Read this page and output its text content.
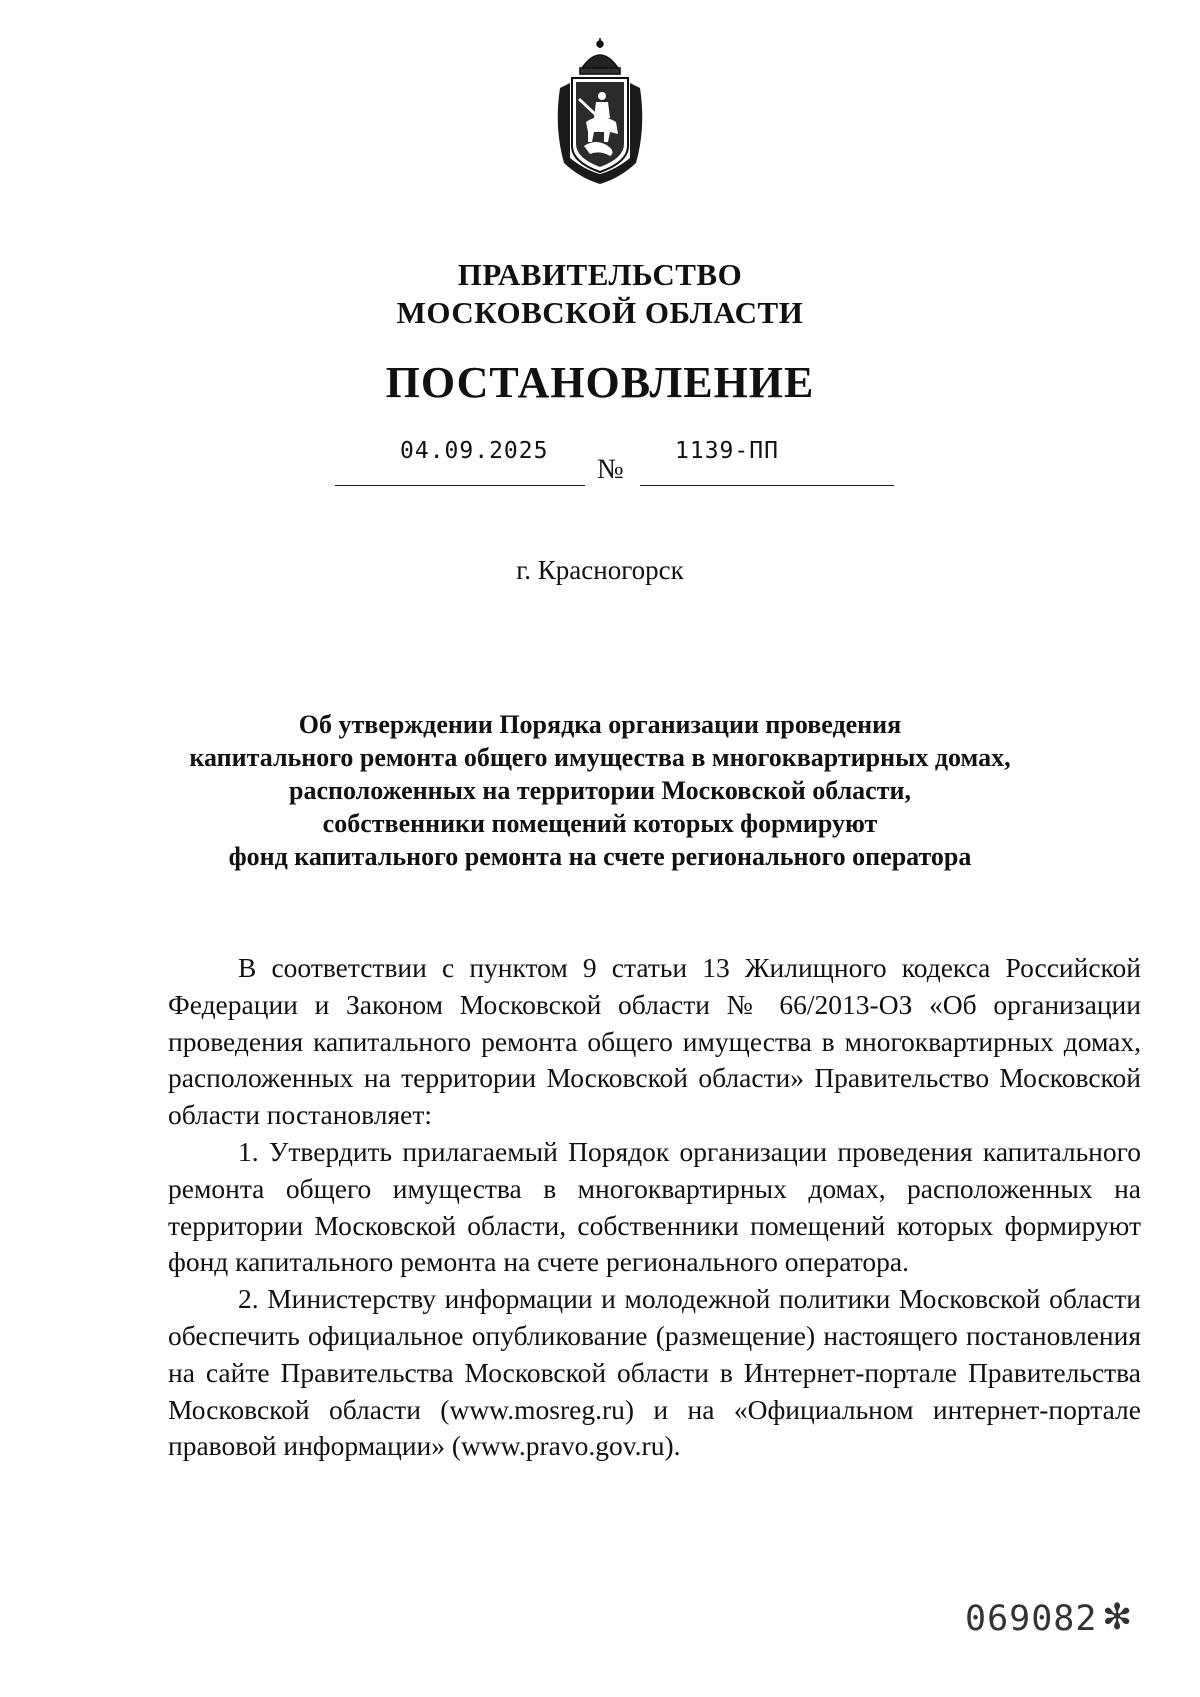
ПРАВИТЕЛЬСТВО
МОСКОВСКОЙ ОБЛАСТИ
ПОСТАНОВЛЕНИЕ
04.09.2025
№
1139-ПП
г. Красногорск
Об утверждении Порядка организации проведения
капитального ремонта общего имущества в многоквартирных домах,
расположенных на территории Московской области,
собственники помещений которых формируют
фонд капитального ремонта на счете регионального оператора

В соответствии с пунктом 9 статьи 13 Жилищного кодекса Российской Федерации и Законом Московской области № 66/2013-ОЗ «Об организации проведения капитального ремонта общего имущества в многоквартирных домах, расположенных на территории Московской области» Правительство Московской области постановляет:

1. Утвердить прилагаемый Порядок организации проведения капитального ремонта общего имущества в многоквартирных домах, расположенных на территории Московской области, собственники помещений которых формируют фонд капитального ремонта на счете регионального оператора.

2. Министерству информации и молодежной политики Московской области обеспечить официальное опубликование (размещение) настоящего постановления на сайте Правительства Московской области в Интернет-портале Правительства Московской области (www.mosreg.ru) и на «Официальном интернет-портале правовой информации» (www.pravo.gov.ru).

069082 ✻
